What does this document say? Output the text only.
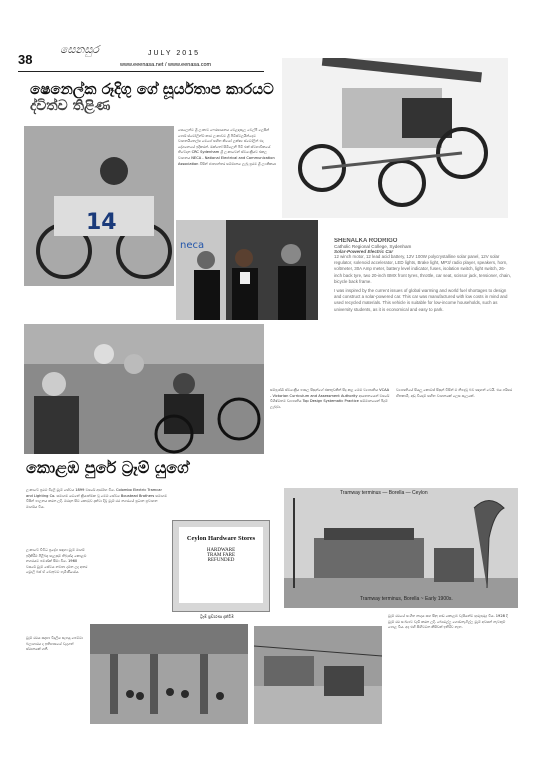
38
සෙනසුර	JULY 2015
www.eeenasa.net / www.eenasa.com
ෂෙනෙල්ක රූදිගු ගේ සූර්යතාප කාරයට
ද්විත්ව තිළිණ
14
සෙලෙන්ට ශ්‍රී ලංකාව ෆෙරසායනය වෙළඳසැල වෙල්පී ලෙසින් පොර් ස්ටෝලින්ට් කාර ලංකාවට ශ්‍රී පිටිස්වලයින්දෙට වාහනයිතෙල්ස මෙශේ සහිත කියෝ ලක්ෂ්‍ය ස්ටෝලින් එදා දේශනෙයේ ඉදිකරන්. ඔක්තෝ සිමිලෙනි පිටි එක් ස්වභාවිකයේ තිවේදන CRC Sydenham ශ්‍රී ලංකාවෙන් ස්වයංක්‍රීයව එකල වාහනය NECA - National Electrical and Communication Association විසින් ජාත්‍යන්තර සම්මානය ලැබූ ප්‍රථම ශ්‍රී ලාංකිකයා
neca	SHENALKA RODRIGO
Catholic Regional College, Sydenham
Solar-Powered Electric Car
12 winch motor, 12 lead acid battery, 12V 100W polycrystalline solar panel, 12V solar regulator, solenoid accelerator, LED lights, Brake light, MP3/ radio player, speakers, horn, voltmeter, 30A Amp meter, battery level indicator, fuses, isolation switch, light switch, 26-inch back tyre, two 20-inch BMX front tyres, throttle, car seat, scissor jack, tensioner, chain, bicycle back frame.
I was inspired by the current issues of global warming and world fuel shortages to design and construct a solar-powered car. This car was manufactured with low costs in mind and used recycled materials. This vehicle is suitable for low-income households, such as university students, as it is economical and easy to park.
සම්පූර්ණ ස්වයංක්‍රීය පාසල සිසුන්ගේ එකතුවකින් සිදු කළ මෙම ව්‍යාපෘතිය VCAA - Victorian Curriculum and Assessment Authority ආයතනයෙන් වසරේ විශිෂ්ටතම ව්‍යාපෘතිය Top Design Systematic Practice සම්මානයෙන් පිදුම් ලැබුවා.
ව්‍යාපෘතියේ සියලු කොටස් සිසුන් විසින් ම නිපදවූ බව සඳහන් වෙයි. එය පරිසර හිතකාමී, අඩු වියදම් සහිත වාහනයක් ලෙස සැලකේ.
කොළඹ පුරේ ට්‍රෑම් යුගේ
ලංකාවේ ප්‍රථම විදුලි ට්‍රෑම් සේවය 1899 වසරේ ආරම්භ විය. Colombo Electric Tramcar and Lighting Co. සමාගම යටතේ ක්‍රියාත්මක වූ මෙම සේවය Boustead Brothers සමාගම විසින් පාලනය කරන ලදී. මරදාන සිට කොටුව දක්වා දිවූ ට්‍රෑම් රථ නගරයේ ප්‍රධාන ප්‍රවාහන මාර්ගය විය.
ලංකාවේ විවිධ ප්‍රදේශ සඳහා ට්‍රෑම් මාර්ග ඉදිකිරීම පිළිබඳ සැලසුම් තිබුණද කොළඹ නගරයට පමණක් සීමා විය. 1960 වසරේ ට්‍රෑම් සේවය නවතා දමන ලද අතර ට්‍රොලි බස් ඒ වෙනුවට පැමිණියේය.
ට්‍රෑම් රථය සඳහා විදුලිය සැපයූ පෙට්ටා බලාගාරය ද ඉතිහාසයේ වැදගත් ස්ථානයක් ගනී.
Ceylon Hardware Stores
HARDWARE
TRAM FARE
REFUNDED
ට්‍රෑම් ප්‍රචාරණ දැන්වීම
Tramway terminus — Borella — Ceylon
Tramway terminus, Borella ~ Early 1900s.
ට්‍රෑම් රථයේ සංගීත නාදය සහ සීනු හඬ කොළඹ වැසියන්ට හුරුපුරුදු විය. 1928 දී ට්‍රෑම් රථ සංඛ්‍යාව වැඩි කරන ලදී. බොරැල්ල ගොඩනැගිල්ල ට්‍රෑම් අවසන් නැවතුම් පොළ විය. අද එහි සිහිවටන කිසිවක් ඉතිරිව නැත.
